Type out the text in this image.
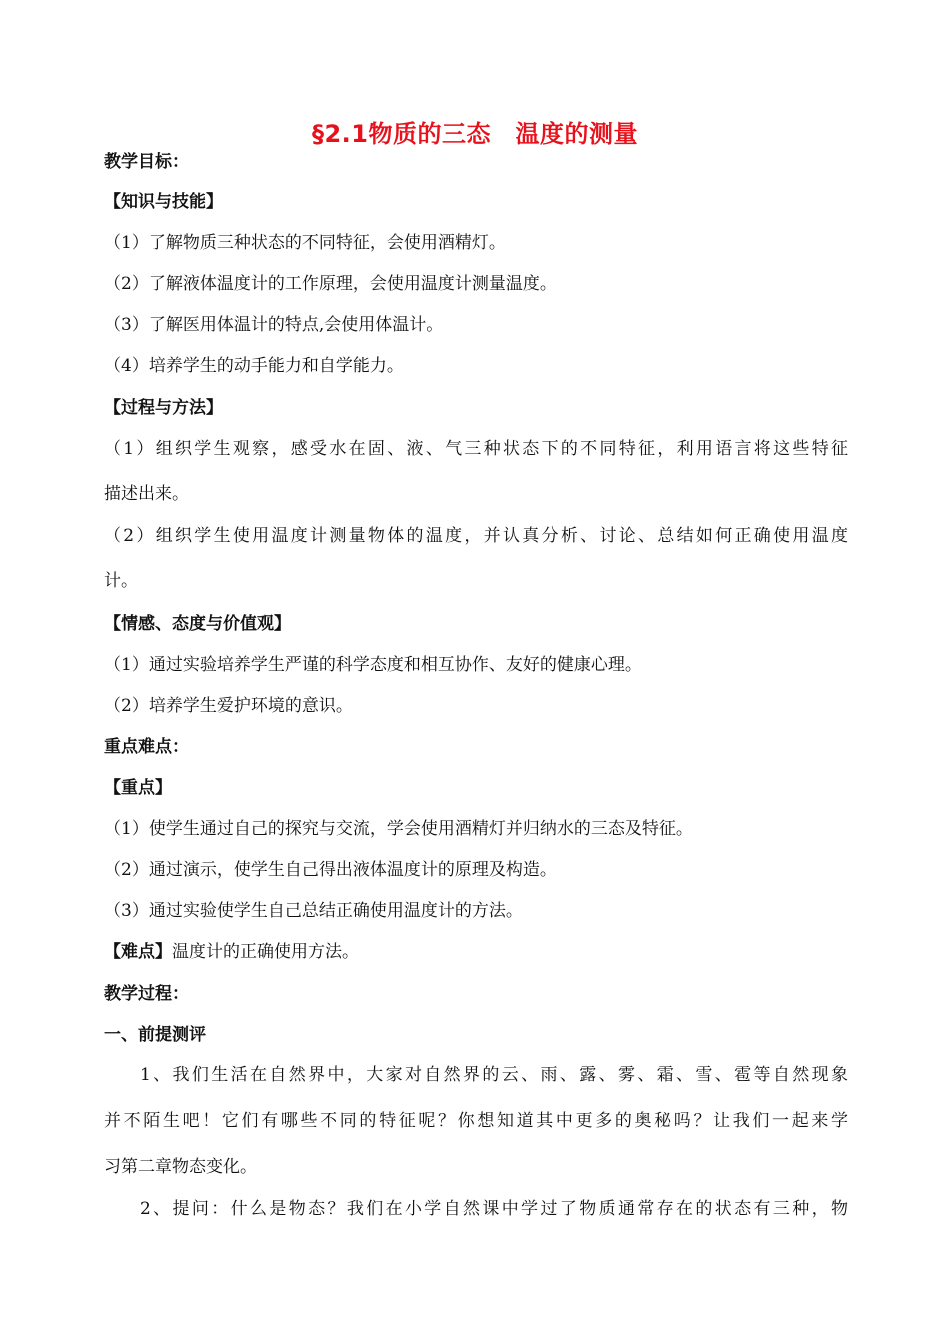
§2.1物质的三态　温度的测量
教学目标：
【知识与技能】
（1）了解物质三种状态的不同特征，会使用酒精灯。
（2）了解液体温度计的工作原理，会使用温度计测量温度。
（3）了解医用体温计的特点,会使用体温计。
（4）培养学生的动手能力和自学能力。
【过程与方法】
（1）组织学生观察，感受水在固、液、气三种状态下的不同特征，利用语言将这些特征
描述出来。
（2）组织学生使用温度计测量物体的温度，并认真分析、讨论、总结如何正确使用温度
计。
【情感、态度与价值观】
（1）通过实验培养学生严谨的科学态度和相互协作、友好的健康心理。
（2）培养学生爱护环境的意识。
重点难点：
【重点】
（1）使学生通过自己的探究与交流，学会使用酒精灯并归纳水的三态及特征。
（2）通过演示，使学生自己得出液体温度计的原理及构造。
（3）通过实验使学生自己总结正确使用温度计的方法。
【难点】温度计的正确使用方法。
教学过程：
一、前提测评
1、我们生活在自然界中，大家对自然界的云、雨、露、雾、霜、雪、雹等自然现象
并不陌生吧！它们有哪些不同的特征呢？你想知道其中更多的奥秘吗？让我们一起来学
习第二章物态变化。
2、提问：什么是物态？我们在小学自然课中学过了物质通常存在的状态有三种，物
